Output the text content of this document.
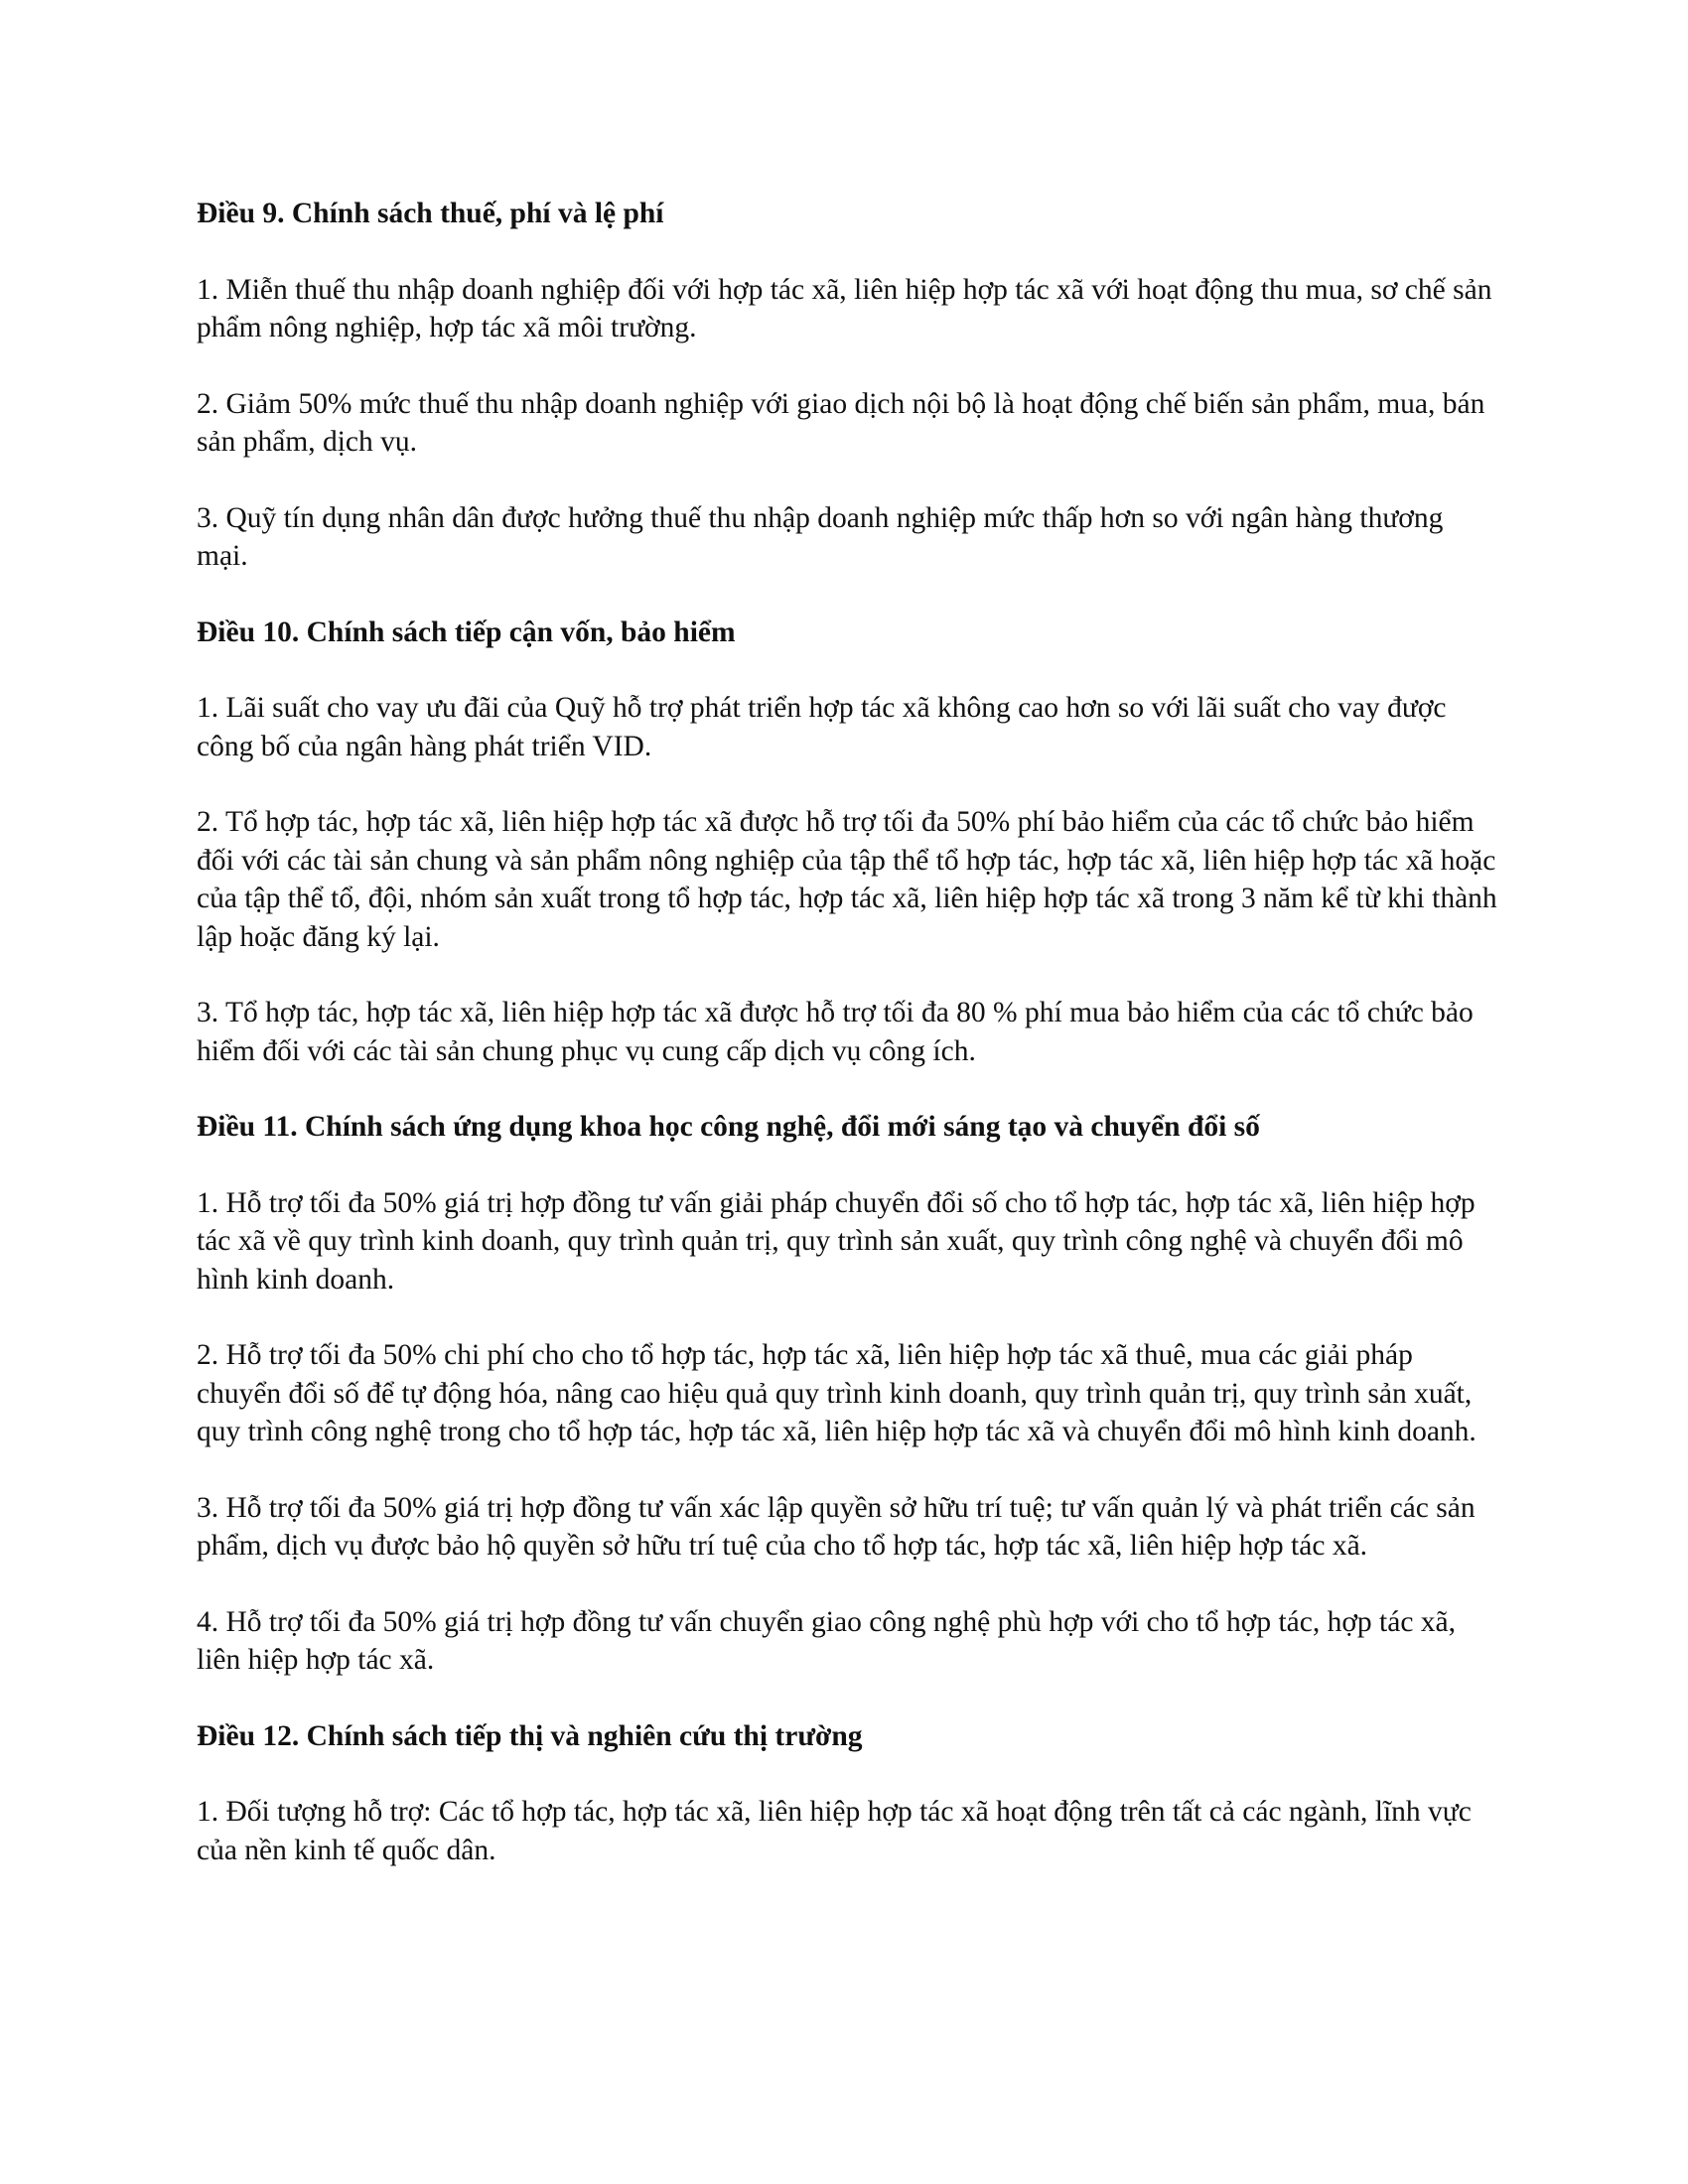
Điều 9. Chính sách thuế, phí và lệ phí
1. Miễn thuế thu nhập doanh nghiệp đối với hợp tác xã, liên hiệp hợp tác xã với hoạt động thu mua, sơ chế sản phẩm nông nghiệp, hợp tác xã môi trường.
2. Giảm 50% mức thuế thu nhập doanh nghiệp với giao dịch nội bộ là hoạt động chế biến sản phẩm, mua, bán sản phẩm, dịch vụ.
3. Quỹ tín dụng nhân dân được hưởng thuế thu nhập doanh nghiệp mức thấp hơn so với ngân hàng thương mại.
Điều 10. Chính sách tiếp cận vốn, bảo hiểm
1. Lãi suất cho vay ưu đãi của Quỹ hỗ trợ phát triển hợp tác xã không cao hơn so với lãi suất cho vay được công bố của ngân hàng phát triển VID.
2. Tổ hợp tác, hợp tác xã, liên hiệp hợp tác xã được hỗ trợ tối đa 50% phí bảo hiểm của các tổ chức bảo hiểm đối với các tài sản chung và sản phẩm nông nghiệp của tập thể tổ hợp tác, hợp tác xã, liên hiệp hợp tác xã hoặc của tập thể tổ, đội, nhóm sản xuất trong tổ hợp tác, hợp tác xã, liên hiệp hợp tác xã trong 3 năm kể từ khi thành lập hoặc đăng ký lại.
3. Tổ hợp tác, hợp tác xã, liên hiệp hợp tác xã được hỗ trợ tối đa 80 % phí mua bảo hiểm của các tổ chức bảo hiểm đối với các tài sản chung phục vụ cung cấp dịch vụ công ích.
Điều 11. Chính sách ứng dụng khoa học công nghệ, đổi mới sáng tạo và chuyển đổi số
1. Hỗ trợ tối đa 50% giá trị hợp đồng tư vấn giải pháp chuyển đổi số cho tổ hợp tác, hợp tác xã, liên hiệp hợp tác xã về quy trình kinh doanh, quy trình quản trị, quy trình sản xuất, quy trình công nghệ và chuyển đổi mô hình kinh doanh.
2. Hỗ trợ tối đa 50% chi phí cho cho tổ hợp tác, hợp tác xã, liên hiệp hợp tác xã thuê, mua các giải pháp chuyển đổi số để tự động hóa, nâng cao hiệu quả quy trình kinh doanh, quy trình quản trị, quy trình sản xuất, quy trình công nghệ trong cho tổ hợp tác, hợp tác xã, liên hiệp hợp tác xã và chuyển đổi mô hình kinh doanh.
3. Hỗ trợ tối đa 50% giá trị hợp đồng tư vấn xác lập quyền sở hữu trí tuệ; tư vấn quản lý và phát triển các sản phẩm, dịch vụ được bảo hộ quyền sở hữu trí tuệ của cho tổ hợp tác, hợp tác xã, liên hiệp hợp tác xã.
4. Hỗ trợ tối đa 50% giá trị hợp đồng tư vấn chuyển giao công nghệ phù hợp với cho tổ hợp tác, hợp tác xã, liên hiệp hợp tác xã.
Điều 12. Chính sách tiếp thị và nghiên cứu thị trường
1. Đối tượng hỗ trợ: Các tổ hợp tác, hợp tác xã, liên hiệp hợp tác xã hoạt động trên tất cả các ngành, lĩnh vực của nền kinh tế quốc dân.
